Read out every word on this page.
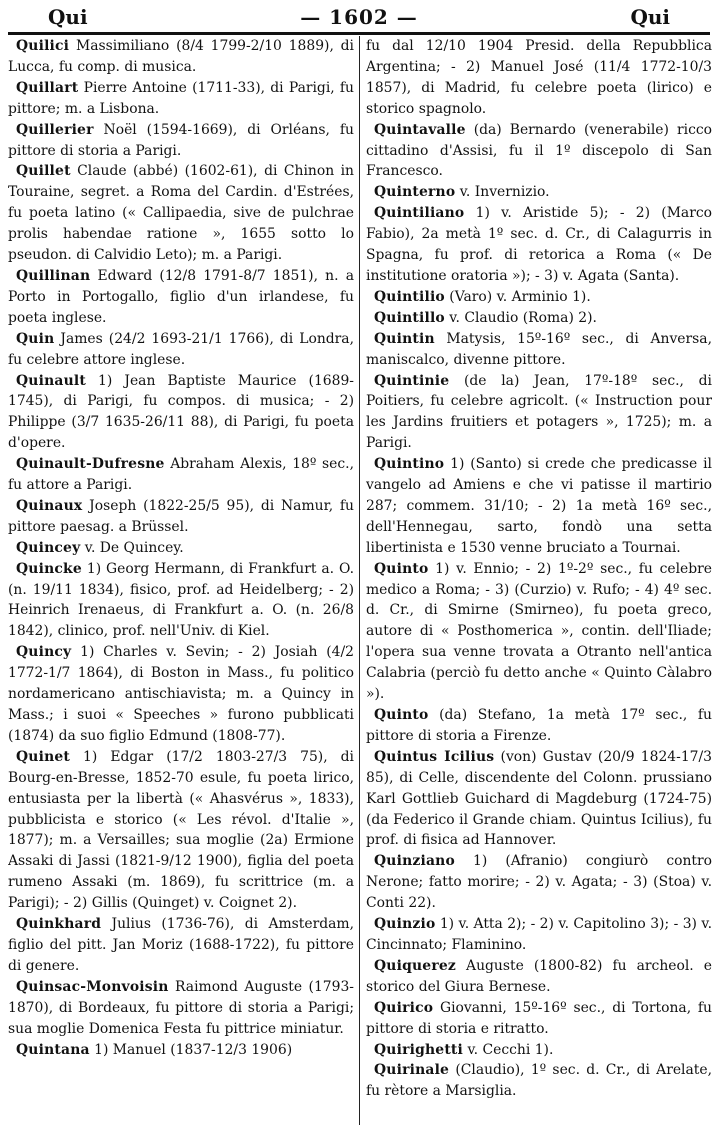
Qui	— 1602 —	Qui

Quilici Massimiliano (8/4 1799-2/10 1889), di Lucca, fu comp. di musica.

Quillart Pierre Antoine (1711-33), di Parigi, fu pittore; m. a Lisbona.

Quillerier Noël (1594-1669), di Orléans, fu pittore di storia a Parigi.

Quillet Claude (abbé) (1602-61), di Chinon in Touraine, segret. a Roma del Cardin. d'Estrées, fu poeta latino (« Callipaedia, sive de pulchrae prolis habendae ratione », 1655 sotto lo pseudon. di Calvidio Leto); m. a Parigi.

Quillinan Edward (12/8 1791-8/7 1851), n. a Porto in Portogallo, figlio d'un irlandese, fu poeta inglese.

Quin James (24/2 1693-21/1 1766), di Londra, fu celebre attore inglese.

Quinault 1) Jean Baptiste Maurice (1689-1745), di Parigi, fu compos. di musica; - 2) Philippe (3/7 1635-26/11 88), di Parigi, fu poeta d'opere.

Quinault-Dufresne Abraham Alexis, 18º sec., fu attore a Parigi.

Quinaux Joseph (1822-25/5 95), di Namur, fu pittore paesag. a Brüssel.

Quincey v. De Quincey.

Quincke 1) Georg Hermann, di Frankfurt a. O. (n. 19/11 1834), fisico, prof. ad Heidelberg; - 2) Heinrich Irenaeus, di Frankfurt a. O. (n. 26/8 1842), clinico, prof. nell'Univ. di Kiel.

Quincy 1) Charles v. Sevin; - 2) Josiah (4/2 1772-1/7 1864), di Boston in Mass., fu politico nordamericano antischiavista; m. a Quincy in Mass.; i suoi « Speeches » furono pubblicati (1874) da suo figlio Edmund (1808-77).

Quinet 1) Edgar (17/2 1803-27/3 75), di Bourg-en-Bresse, 1852-70 esule, fu poeta lirico, entusiasta per la libertà (« Ahasvérus », 1833), pubblicista e storico (« Les révol. d'Italie », 1877); m. a Versailles; sua moglie (2a) Ermione Assaki di Jassi (1821-9/12 1900), figlia del poeta rumeno Assaki (m. 1869), fu scrittrice (m. a Parigi); - 2) Gillis (Quinget) v. Coignet 2).

Quinkhard Julius (1736-76), di Amsterdam, figlio del pitt. Jan Moriz (1688-1722), fu pittore di genere.

Quinsac-Monvoisin Raimond Auguste (1793-1870), di Bordeaux, fu pittore di storia a Parigi; sua moglie Domenica Festa fu pittrice miniatur.

Quintana 1) Manuel (1837-12/3 1906)

fu dal 12/10 1904 Presid. della Repubblica Argentina; - 2) Manuel José (11/4 1772-10/3 1857), di Madrid, fu celebre poeta (lirico) e storico spagnolo.

Quintavalle (da) Bernardo (venerabile) ricco cittadino d'Assisi, fu il 1º discepolo di San Francesco.

Quinterno v. Invernizio.

Quintiliano 1) v. Aristide 5); - 2) (Marco Fabio), 2a metà 1º sec. d. Cr., di Calagurris in Spagna, fu prof. di retorica a Roma (« De institutione oratoria »); - 3) v. Agata (Santa).

Quintilio (Varo) v. Arminio 1).

Quintillo v. Claudio (Roma) 2).

Quintin Matysis, 15º-16º sec., di Anversa, maniscalco, divenne pittore.

Quintinie (de la) Jean, 17º-18º sec., di Poitiers, fu celebre agricolt. (« Instruction pour les Jardins fruitiers et potagers », 1725); m. a Parigi.

Quintino 1) (Santo) si crede che predicasse il vangelo ad Amiens e che vi patisse il martirio 287; commem. 31/10; - 2) 1a metà 16º sec., dell'Hennegau, sarto, fondò una setta libertinista e 1530 venne bruciato a Tournai.

Quinto 1) v. Ennio; - 2) 1º-2º sec., fu celebre medico a Roma; - 3) (Curzio) v. Rufo; - 4) 4º sec. d. Cr., di Smirne (Smirneo), fu poeta greco, autore di « Posthomerica », contin. dell'Iliade; l'opera sua venne trovata a Otranto nell'antica Calabria (perciò fu detto anche « Quinto Càlabro »).

Quinto (da) Stefano, 1a metà 17º sec., fu pittore di storia a Firenze.

Quintus Icilius (von) Gustav (20/9 1824-17/3 85), di Celle, discendente del Colonn. prussiano Karl Gottlieb Guichard di Magdeburg (1724-75) (da Federico il Grande chiam. Quintus Icilius), fu prof. di fisica ad Hannover.

Quinziano 1) (Afranio) congiurò contro Nerone; fatto morire; - 2) v. Agata; - 3) (Stoa) v. Conti 22).

Quinzio 1) v. Atta 2); - 2) v. Capitolino 3); - 3) v. Cincinnato; Flaminino.

Quiquerez Auguste (1800-82) fu archeol. e storico del Giura Bernese.

Quirico Giovanni, 15º-16º sec., di Tortona, fu pittore di storia e ritratto.

Quirighetti v. Cecchi 1).

Quirinale (Claudio), 1º sec. d. Cr., di Arelate, fu rètore a Marsiglia.
